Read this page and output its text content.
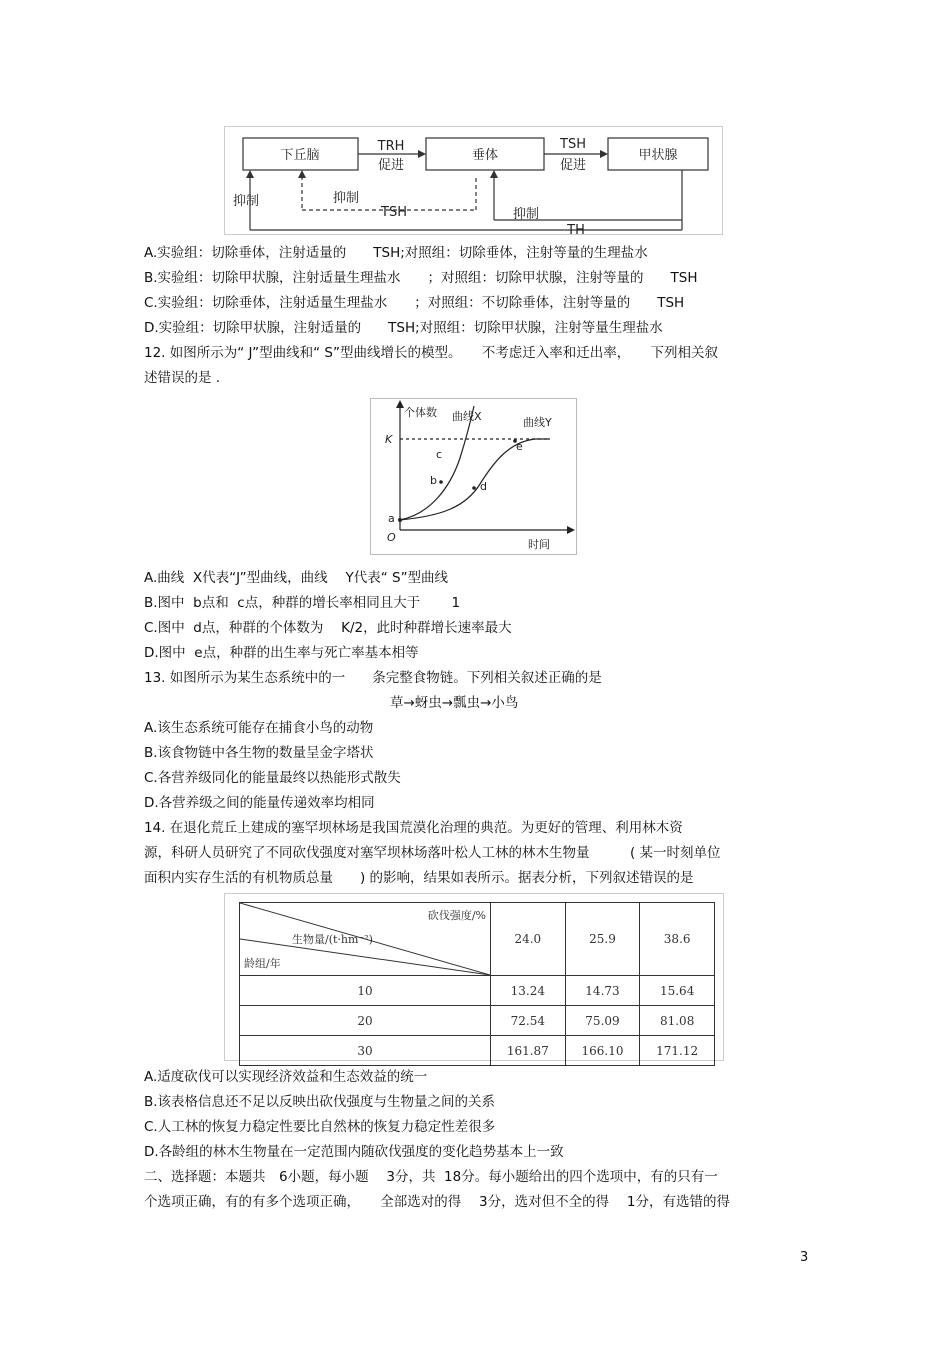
下丘脑	垂体	甲状腺
TRH
促进
TSH
促进
抑制	抑制
TSH	抑制
TH
A.实验组：切除垂体，注射适量的　　TSH;对照组：切除垂体，注射等量的生理盐水
B.实验组：切除甲状腺，注射适量生理盐水　　；对照组：切除甲状腺，注射等量的　　TSH
C.实验组：切除垂体，注射适量生理盐水　　；对照组：不切除垂体，注射等量的　　TSH
D.实验组：切除甲状腺，注射适量的　　TSH;对照组：切除甲状腺，注射等量生理盐水
12. 如图所示为“ J”型曲线和“ S”型曲线增长的模型。　　不考虑迁入率和迁出率，　　下列相关叙
述错误的是 .
个体数 曲线X	曲线Y
K
O
时间
a
b
c
d
e
A.曲线  X代表“J”型曲线，曲线　 Y代表“ S”型曲线
B.图中  b点和  c点，种群的增长率相同且大于　　 1
C.图中  d点，种群的个体数为　 K/2，此时种群增长速率最大
D.图中  e点，种群的出生率与死亡率基本相等
13. 如图所示为某生态系统中的一　　条完整食物链。下列相关叙述正确的是
草→蚜虫→瓢虫→小鸟
A.该生态系统可能存在捕食小鸟的动物
B.该食物链中各生物的数量呈金字塔状
C.各营养级同化的能量最终以热能形式散失
D.各营养级之间的能量传递效率均相同
14. 在退化荒丘上建成的塞罕坝林场是我国荒漠化治理的典范。为更好的管理、利用林木资
源，科研人员研究了不同砍伐强度对塞罕坝林场落叶松人工林的林木生物量　　　( 某一时刻单位
面积内实存生活的有机物质总量　　) 的影响，结果如表所示。据表分析，下列叙述错误的是
砍伐强度/%
生物量/(t·hm⁻²)
龄组/年	24.0	25.9	38.6
10	13.24	14.73	15.64
20	72.54	75.09	81.08
30	161.87	166.10	171.12
A.适度砍伐可以实现经济效益和生态效益的统一
B.该表格信息还不足以反映出砍伐强度与生物量之间的关系
C.人工林的恢复力稳定性要比自然林的恢复力稳定性差很多
D.各龄组的林木生物量在一定范围内随砍伐强度的变化趋势基本上一致
二、选择题：本题共　6小题，每小题　 3分，共  18分。每小题给出的四个选项中，有的只有一
个选项正确，有的有多个选项正确，　　全部选对的得　 3分，选对但不全的得　 1分，有选错的得
3
